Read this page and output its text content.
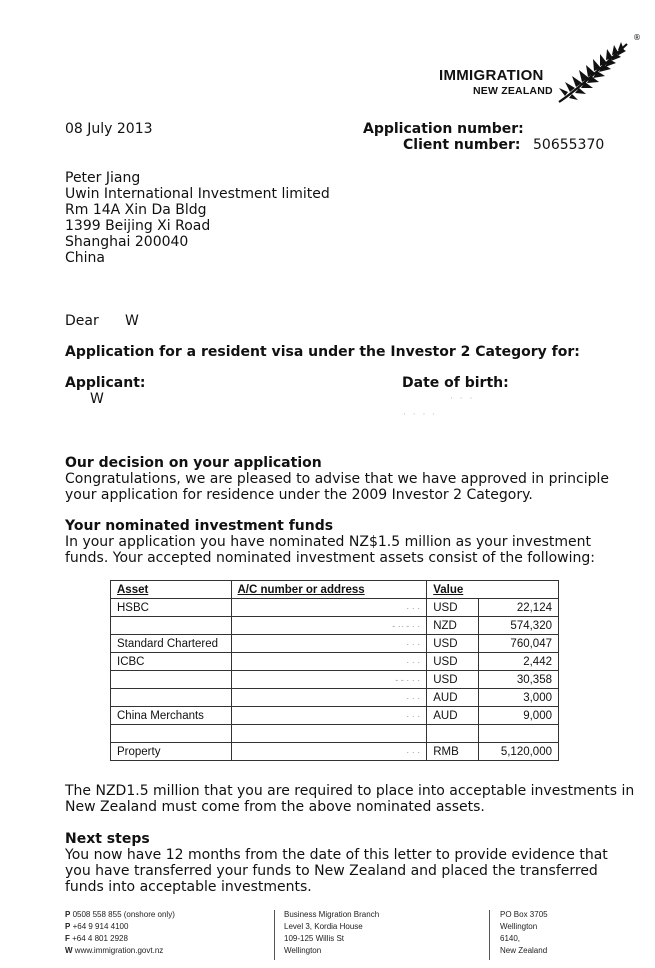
IMMIGRATION
NEW ZEALAND
®
08 July 2013	Application number:
Client number: 50655370
Peter Jiang
Uwin International Investment limited
Rm 14A Xin Da Bldg
1399 Beijing Xi Road
Shanghai 200040
China
Dear W
Application for a resident visa under the Investor 2 Category for:
Applicant:
W
Date of birth:
· · ·
· · · ·
Our decision on your application
Congratulations, we are pleased to advise that we have approved in principle
your application for residence under the 2009 Investor 2 Category.
Your nominated investment funds
In your application you have nominated NZ$1.5 million as your investment
funds. Your accepted nominated investment assets consist of the following:
Asset	A/C number or address	Value	
HSBC	· · ·	USD	22,124
	- ·· - · ·	NZD	574,320
Standard Chartered	· · ·	USD	760,047
ICBC	· · ·	USD	2,442
	- - · · ·	USD	30,358
	· · ·	AUD	3,000
China Merchants	· · ·	AUD	9,000

Property	· · ·	RMB	5,120,000
The NZD1.5 million that you are required to place into acceptable investments in
New Zealand must come from the above nominated assets.
Next steps
You now have 12 months from the date of this letter to provide evidence that
you have transferred your funds to New Zealand and placed the transferred
funds into acceptable investments.
P 0508 558 855 (onshore only)
P +64 9 914 4100
F +64 4 801 2928
W www.immigration.govt.nz
Business Migration Branch
Level 3, Kordia House
109-125 Willis St
Wellington
PO Box 3705
Wellington
6140,
New Zealand
